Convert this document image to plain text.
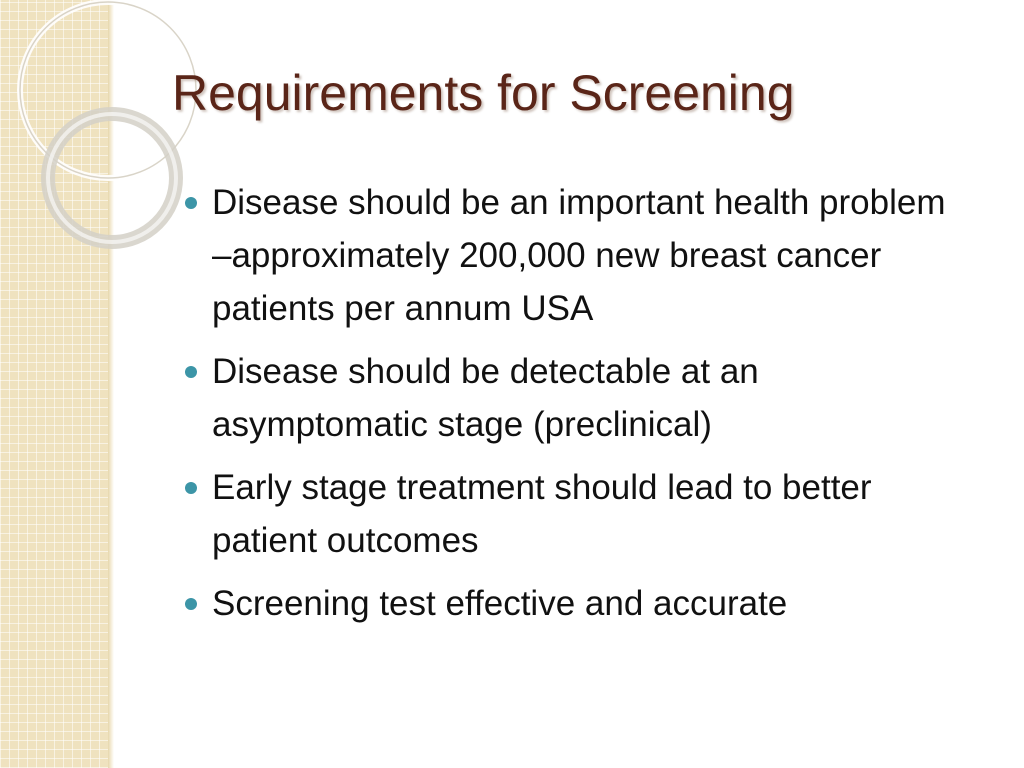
Requirements for Screening
Disease should be an important health problem –approximately 200,000 new breast cancer patients per annum USA
Disease should be detectable at an asymptomatic stage (preclinical)
Early stage treatment should lead to better patient outcomes
Screening test effective and accurate
